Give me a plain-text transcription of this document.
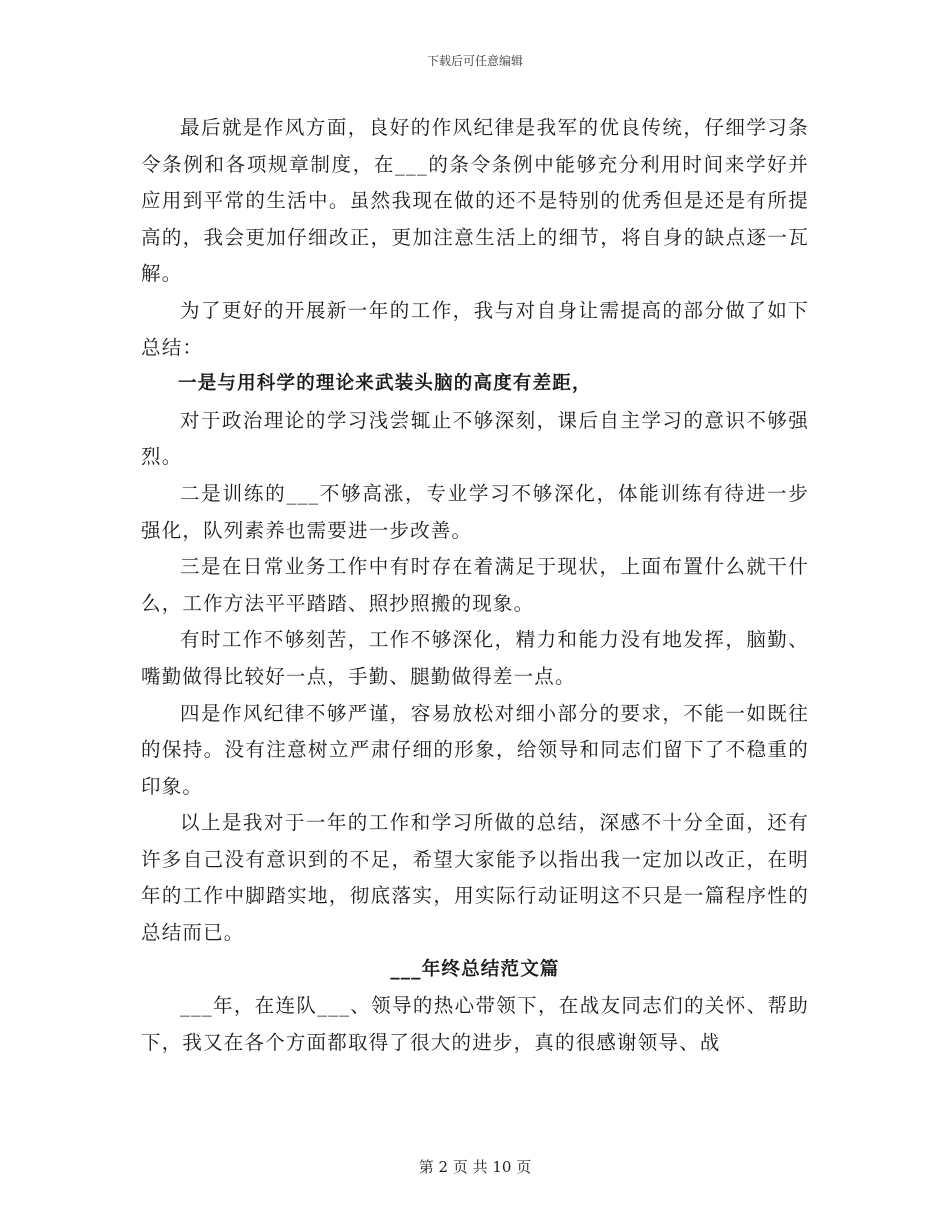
下载后可任意编辑

最后就是作风方面，良好的作风纪律是我军的优良传统，仔细学习条令条例和各项规章制度，在___的条令条例中能够充分利用时间来学好并应用到平常的生活中。虽然我现在做的还不是特别的优秀但是还是有所提高的，我会更加仔细改正，更加注意生活上的细节，将自身的缺点逐一瓦解。

为了更好的开展新一年的工作，我与对自身让需提高的部分做了如下总结：

一是与用科学的理论来武装头脑的高度有差距，

对于政治理论的学习浅尝辄止不够深刻，课后自主学习的意识不够强烈。

二是训练的___不够高涨，专业学习不够深化，体能训练有待进一步强化，队列素养也需要进一步改善。

三是在日常业务工作中有时存在着满足于现状，上面布置什么就干什么，工作方法平平踏踏、照抄照搬的现象。

有时工作不够刻苦，工作不够深化，精力和能力没有地发挥，脑勤、嘴勤做得比较好一点，手勤、腿勤做得差一点。

四是作风纪律不够严谨，容易放松对细小部分的要求，不能一如既往的保持。没有注意树立严肃仔细的形象，给领导和同志们留下了不稳重的印象。

以上是我对于一年的工作和学习所做的总结，深感不十分全面，还有许多自己没有意识到的不足，希望大家能予以指出我一定加以改正，在明年的工作中脚踏实地，彻底落实，用实际行动证明这不只是一篇程序性的总结而已。

___年终总结范文篇

___年，在连队___、领导的热心带领下，在战友同志们的关怀、帮助下，我又在各个方面都取得了很大的进步，真的很感谢领导、战

第 2 页 共 10 页
